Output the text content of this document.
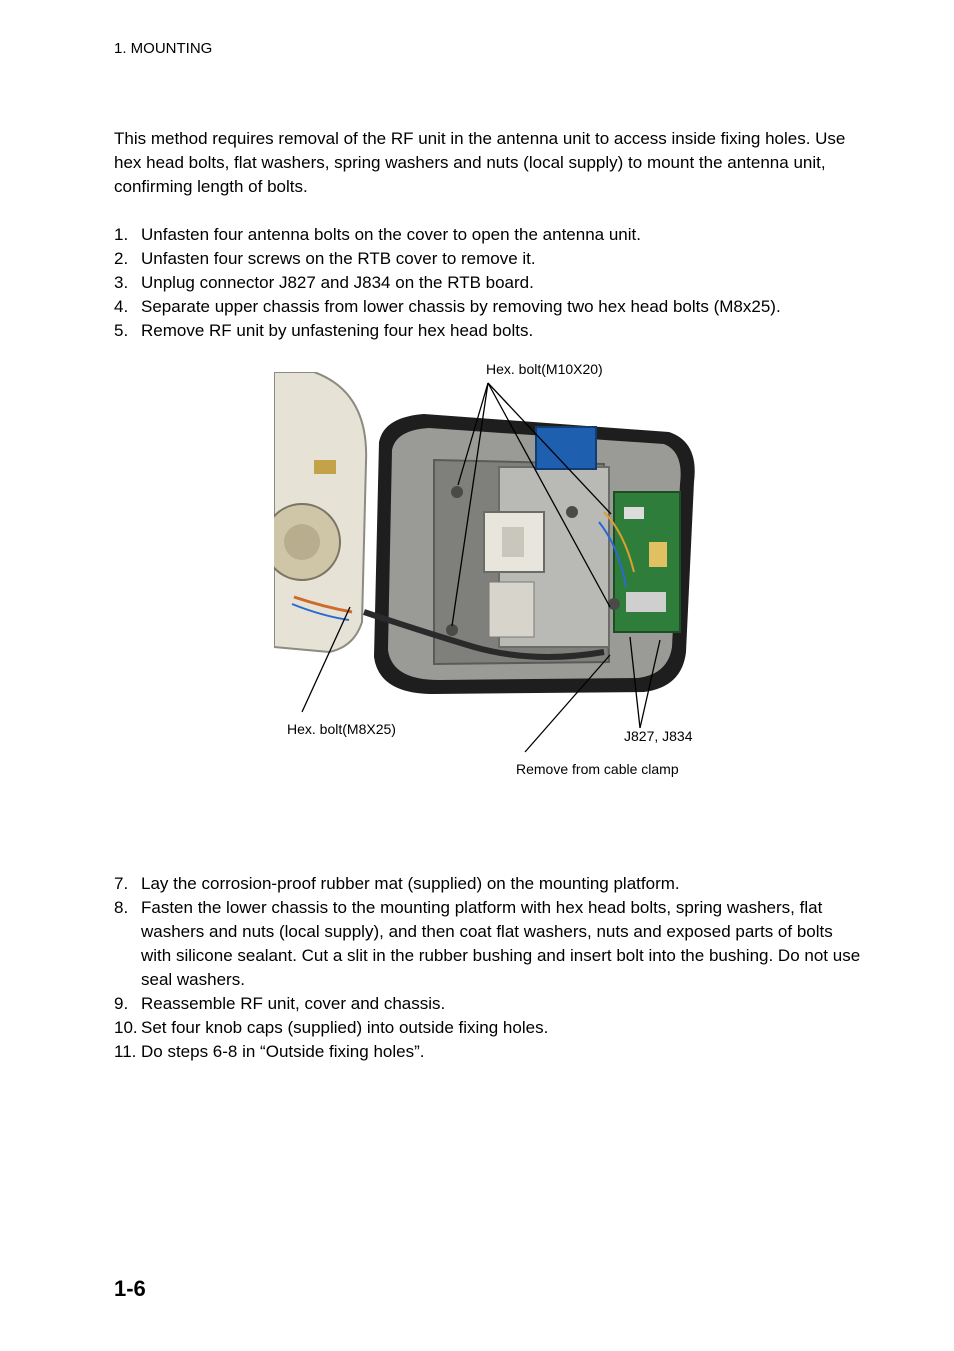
1. MOUNTING
This method requires removal of the RF unit in the antenna unit to access inside fixing holes. Use hex head bolts, flat washers, spring washers and nuts (local supply) to mount the antenna unit, confirming length of bolts.
1. Unfasten four antenna bolts on the cover to open the antenna unit.
2. Unfasten four screws on the RTB cover to remove it.
3. Unplug connector J827 and J834 on the RTB board.
4. Separate upper chassis from lower chassis by removing two hex head bolts (M8x25).
5. Remove RF unit by unfastening four hex head bolts.
Hex. bolt(M10X20)
Hex. bolt(M8X25)	J827, J834
Remove from cable clamp
7. Lay the corrosion-proof rubber mat (supplied) on the mounting platform.
8. Fasten the lower chassis to the mounting platform with hex head bolts, spring washers, flat washers and nuts (local supply), and then coat flat washers, nuts and exposed parts of bolts with silicone sealant. Cut a slit in the rubber bushing and insert bolt into the bushing. Do not use seal washers.
9. Reassemble RF unit, cover and chassis.
10. Set four knob caps (supplied) into outside fixing holes.
11. Do steps 6-8 in “Outside fixing holes”.
1-6
